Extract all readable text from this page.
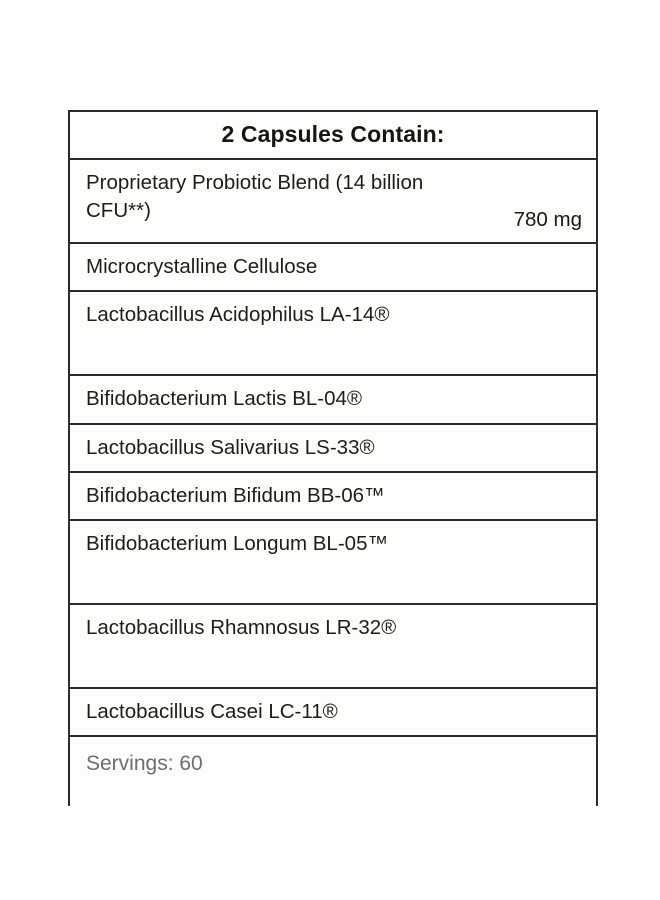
2 Capsules Contain:
Proprietary Probiotic Blend (14 billion CFU**)	780 mg
Microcrystalline Cellulose
Lactobacillus Acidophilus LA-14®
Bifidobacterium Lactis BL-04®
Lactobacillus Salivarius LS-33®
Bifidobacterium Bifidum BB-06™
Bifidobacterium Longum BL-05™
Lactobacillus Rhamnosus LR-32®
Lactobacillus Casei LC-11®
Servings: 60
